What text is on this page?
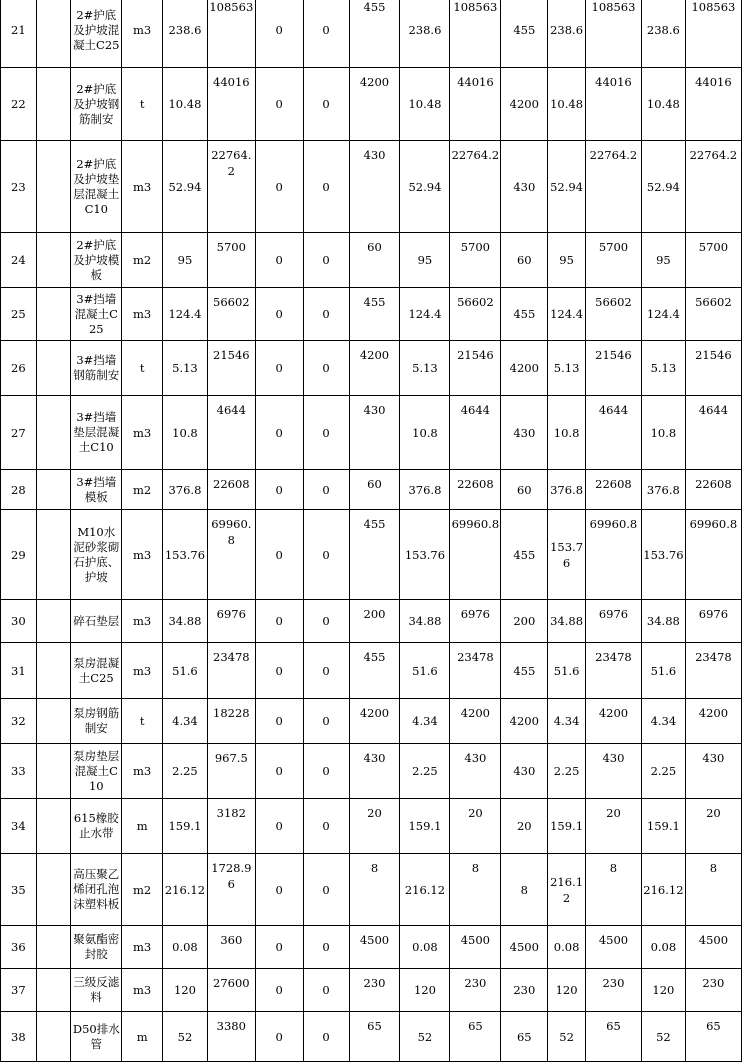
21		2#护底及护坡混凝土C25	m3	238.6	108563	0	0	455	238.6	108563	455	238.6	108563	238.6	108563
22		2#护底及护坡钢筋制安	t	10.48	44016	0	0	4200	10.48	44016	4200	10.48	44016	10.48	44016
23		2#护底及护坡垫层混凝土C10	m3	52.94	22764.2	0	0	430	52.94	22764.2	430	52.94	22764.2	52.94	22764.2
24		2#护底及护坡模板	m2	95	5700	0	0	60	95	5700	60	95	5700	95	5700
25		3#挡墙混凝土C25	m3	124.4	56602	0	0	455	124.4	56602	455	124.4	56602	124.4	56602
26		3#挡墙钢筋制安	t	5.13	21546	0	0	4200	5.13	21546	4200	5.13	21546	5.13	21546
27		3#挡墙垫层混凝土C10	m3	10.8	4644	0	0	430	10.8	4644	430	10.8	4644	10.8	4644
28		3#挡墙模板	m2	376.8	22608	0	0	60	376.8	22608	60	376.8	22608	376.8	22608
29		M10水泥砂浆砌石护底、护坡	m3	153.76	69960.8	0	0	455	153.76	69960.8	455	153.76	69960.8	153.76	69960.8
30		碎石垫层	m3	34.88	6976	0	0	200	34.88	6976	200	34.88	6976	34.88	6976
31		泵房混凝土C25	m3	51.6	23478	0	0	455	51.6	23478	455	51.6	23478	51.6	23478
32		泵房钢筋制安	t	4.34	18228	0	0	4200	4.34	4200	4200	4.34	4200	4.34	4200
33		泵房垫层混凝土C10	m3	2.25	967.5	0	0	430	2.25	430	430	2.25	430	2.25	430
34		615橡胶止水带	m	159.1	3182	0	0	20	159.1	20	20	159.1	20	159.1	20
35		高压聚乙烯闭孔泡沫塑料板	m2	216.12	1728.96	0	0	8	216.12	8	8	216.12	8	216.12	8
36		聚氨酯密封胶	m3	0.08	360	0	0	4500	0.08	4500	4500	0.08	4500	0.08	4500
37		三级反滤料	m3	120	27600	0	0	230	120	230	230	120	230	120	230
38		D50排水管	m	52	3380	0	0	65	52	65	65	52	65	52	65
